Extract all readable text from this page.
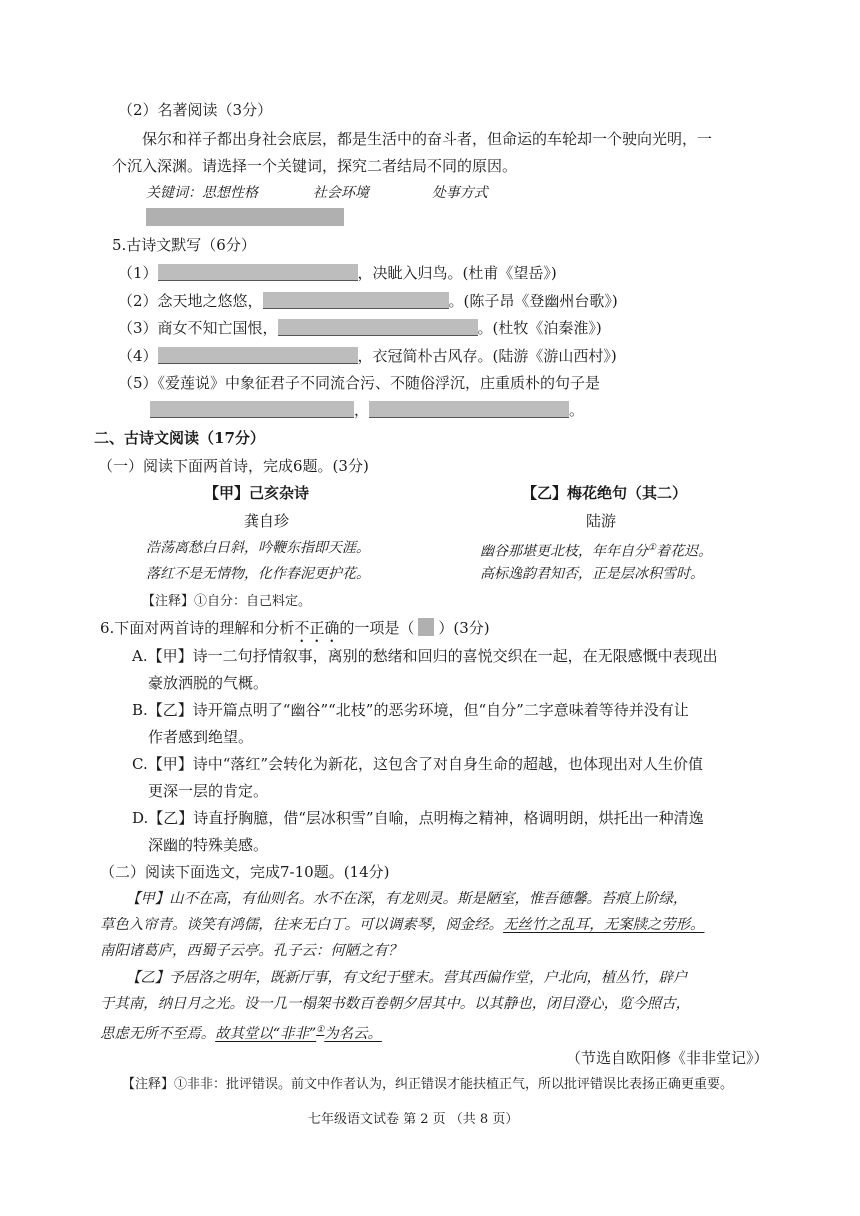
（2）名著阅读（3分）
保尔和祥子都出身社会底层，都是生活中的奋斗者，但命运的车轮却一个驶向光明，一
个沉入深渊。请选择一个关键词，探究二者结局不同的原因。
关键词：思想性格	社会环境	处事方式
5.古诗文默写（6分）
（1）	，决眦入归鸟。(杜甫《望岳》)
（2）念天地之悠悠，	。(陈子昂《登幽州台歌》)
（3）商女不知亡国恨，	。(杜牧《泊秦淮》)
（4）	，衣冠简朴古风存。(陆游《游山西村》)
（5）《爱莲说》中象征君子不同流合污、不随俗浮沉，庄重质朴的句子是
，	。
二、古诗文阅读（17分）
（一）阅读下面两首诗，完成6题。(3分)
【甲】己亥杂诗
龚自珍
浩荡离愁白日斜，吟鞭东指即天涯。
落红不是无情物，化作春泥更护花。
【乙】梅花绝句（其二）
陆游
幽谷那堪更北枝，年年自分①着花迟。
高标逸韵君知否，正是层冰积雪时。
【注释】①自分：自己料定。
6.下面对两首诗的理解和分析不正确的一项是（ ）(3分)
A.【甲】诗一二句抒情叙事，离别的愁绪和回归的喜悦交织在一起，在无限感慨中表现出
豪放洒脱的气概。
B.【乙】诗开篇点明了“幽谷”“北枝”的恶劣环境，但“自分”二字意味着等待并没有让
作者感到绝望。
C.【甲】诗中“落红”会转化为新花，这包含了对自身生命的超越，也体现出对人生价值
更深一层的肯定。
D.【乙】诗直抒胸臆，借“层冰积雪”自喻，点明梅之精神，格调明朗，烘托出一种清逸
深幽的特殊美感。
（二）阅读下面选文，完成7-10题。(14分)
【甲】山不在高，有仙则名。水不在深，有龙则灵。斯是陋室，惟吾德馨。苔痕上阶绿，
草色入帘青。谈笑有鸿儒，往来无白丁。可以调素琴，阅金经。无丝竹之乱耳，无案牍之劳形。
南阳诸葛庐，西蜀子云亭。孔子云：何陋之有？
【乙】予居洛之明年，既新厅事，有文纪于壁末。营其西偏作堂，户北向，植丛竹，辟户
于其南，纳日月之光。设一几一榻架书数百卷朝夕居其中。以其静也，闭目澄心，览今照古，
思虑无所不至焉。故其堂以“非非”①为名云。
（节选自欧阳修《非非堂记》）
【注释】①非非：批评错误。前文中作者认为，纠正错误才能扶植正气，所以批评错误比表扬正确更重要。
七年级语文试卷 第 2 页 （共 8 页）
